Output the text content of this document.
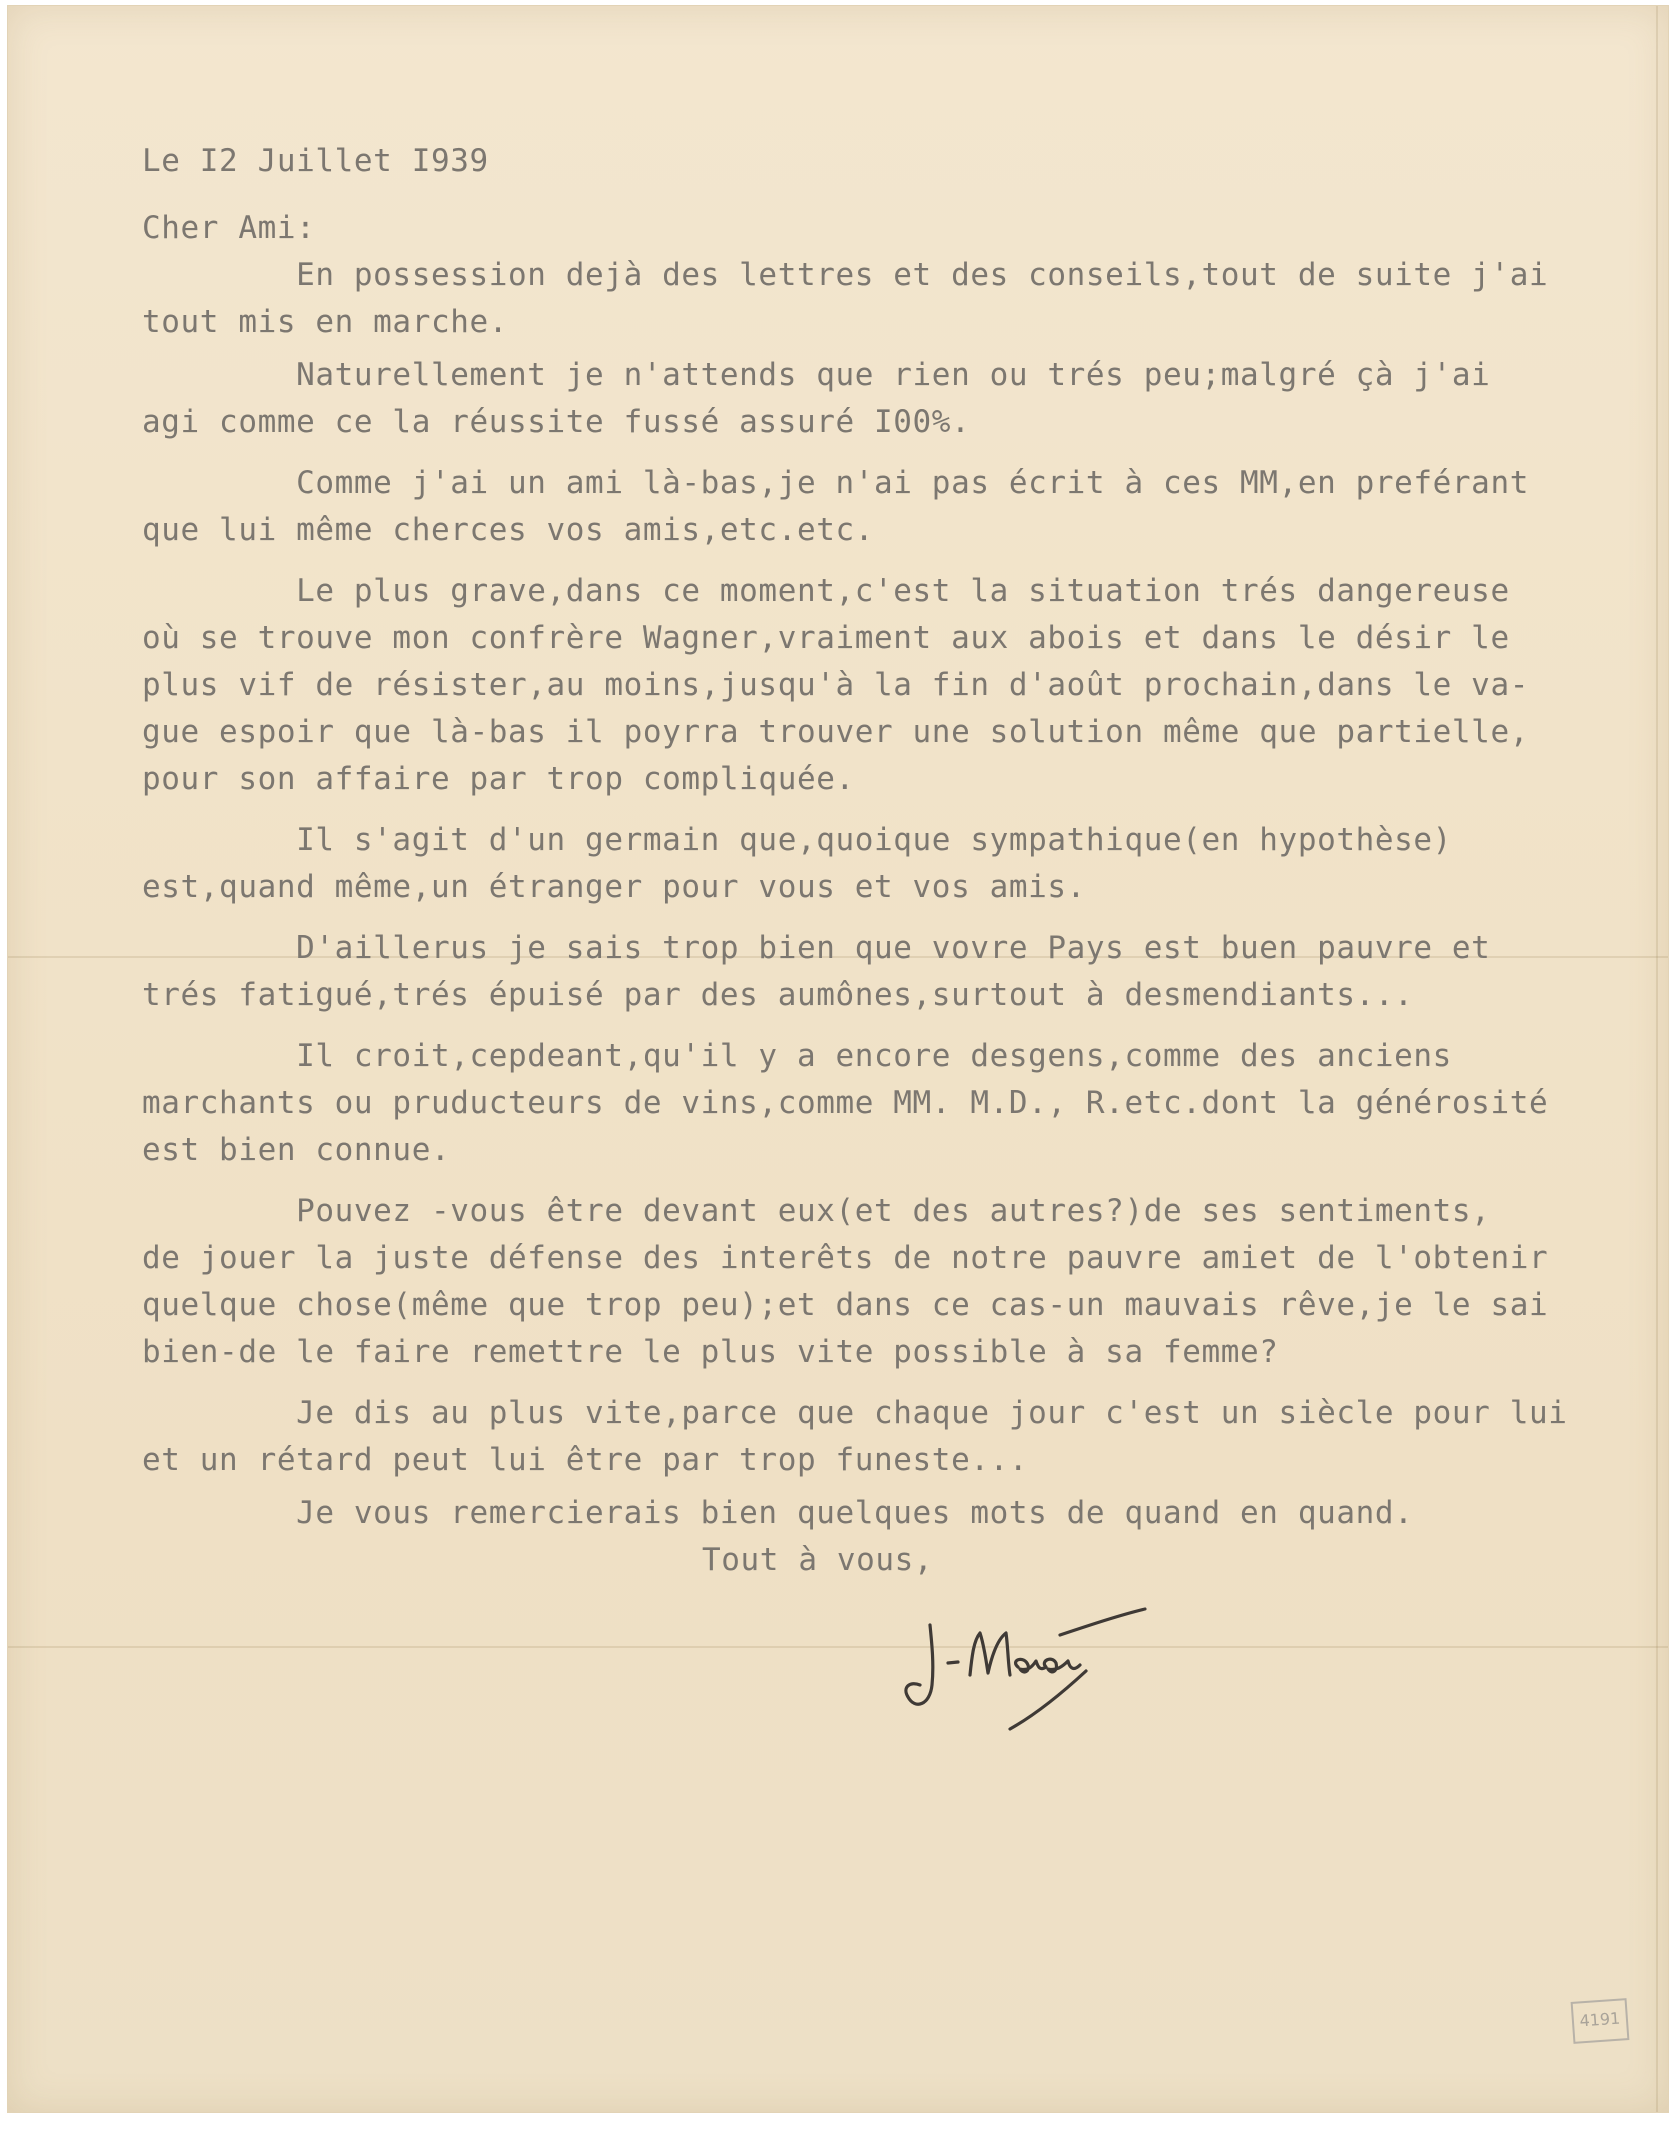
Le I2 Juillet I939
Cher Ami:
En possession dejà des lettres et des conseils,tout de suite j'ai
tout mis en marche.
Naturellement je n'attends que rien ou trés peu;malgré çà j'ai
agi comme ce la réussite fussé assuré I00%.
Comme j'ai un ami là-bas,je n'ai pas écrit à ces MM,en preférant
que lui même cherces vos amis,etc.etc.
Le plus grave,dans ce moment,c'est la situation trés dangereuse
où se trouve mon confrère Wagner,vraiment aux abois et dans le désir le
plus vif de résister,au moins,jusqu'à la fin d'août prochain,dans le va-
gue espoir que là-bas il poyrra trouver une solution même que partielle,
pour son affaire par trop compliquée.
Il s'agit d'un germain que,quoique sympathique(en hypothèse)
est,quand même,un étranger pour vous et vos amis.
D'aillerus je sais trop bien que vovre Pays est buen pauvre et
trés fatigué,trés épuisé par des aumônes,surtout à desmendiants...
Il croit,cepdeant,qu'il y a encore desgens,comme des anciens
marchants ou pruducteurs de vins,comme MM. M.D., R.etc.dont la générosité
est bien connue.
Pouvez -vous être devant eux(et des autres?)de ses sentiments,
de jouer la juste défense des interêts de notre pauvre amiet de l'obtenir
quelque chose(même que trop peu);et dans ce cas-un mauvais rêve,je le sai
bien-de le faire remettre le plus vite possible à sa femme?
Je dis au plus vite,parce que chaque jour c'est un siècle pour lui
et un rétard peut lui être par trop funeste...
Je vous remercierais bien quelques mots de quand en quand.
Tout à vous,
4191
